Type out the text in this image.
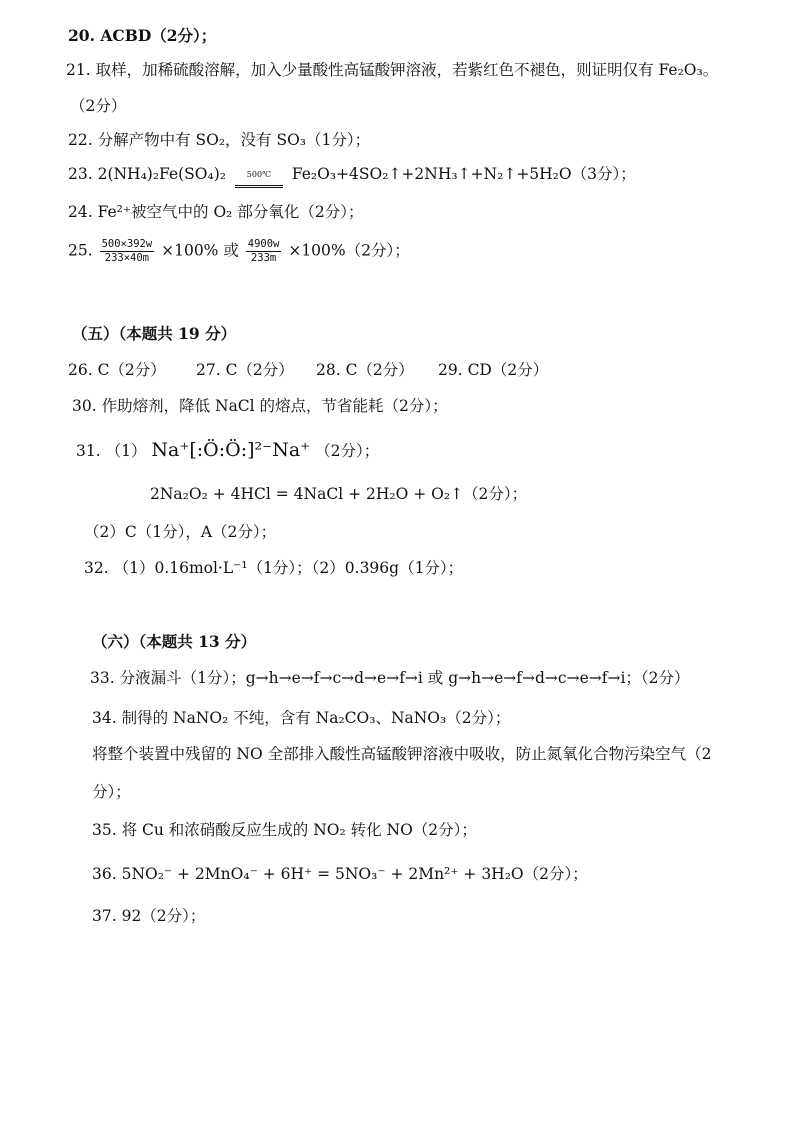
20. ACBD（2分）；
21. 取样，加稀硫酸溶解，加入少量酸性高锰酸钾溶液，若紫红色不褪色，则证明仅有 Fe₂O₃。
（2分）
22. 分解产物中有 SO₂，没有 SO₃（1分）；
23. 2(NH₄)₂Fe(SO₄)₂	500℃ Fe₂O₃+4SO₂↑+2NH₃↑+N₂↑+5H₂O（3分）；
24. Fe²⁺被空气中的 O₂ 部分氧化（2分）；
25. $\frac{500\times 392w}{233\times 40m} \times 100\%$ 或 $\frac{4900w}{233m} \times 100\%(2$分）；
（五）（本题共 19 分）
26. C（2分） 27. C（2分） 28. C（2分） 29. CD（2分）
30. 作助熔剂，降低 NaCl 的熔点，节省能耗（2分）；
31. （1） Na⁺[:Ö:Ö:]²⁻Na⁺ （2分）；
2Na₂O₂ + 4HCl = 4NaCl + 2H₂O + O₂↑（2分）；
（2）C（1分），A（2分）；
32. （1）0.16mol·L⁻¹（1分）；（2）0.396g（1分）；
（六）（本题共 13 分）
33. 分液漏斗（1分）；g→h→e→f→c→d→e→f→i 或 g→h→e→f→d→c→e→f→i；（2分）
34. 制得的 NaNO₂ 不纯，含有 Na₂CO₃、NaNO₃（2分）；
将整个装置中残留的 NO 全部排入酸性高锰酸钾溶液中吸收，防止氮氧化合物污染空气（2
分）；
35. 将 Cu 和浓硝酸反应生成的 NO₂ 转化 NO（2分）；
36. 5NO₂⁻ + 2MnO₄⁻ + 6H⁺ = 5NO₃⁻ + 2Mn²⁺ + 3H₂O（2分）；
37. 92（2分）；
